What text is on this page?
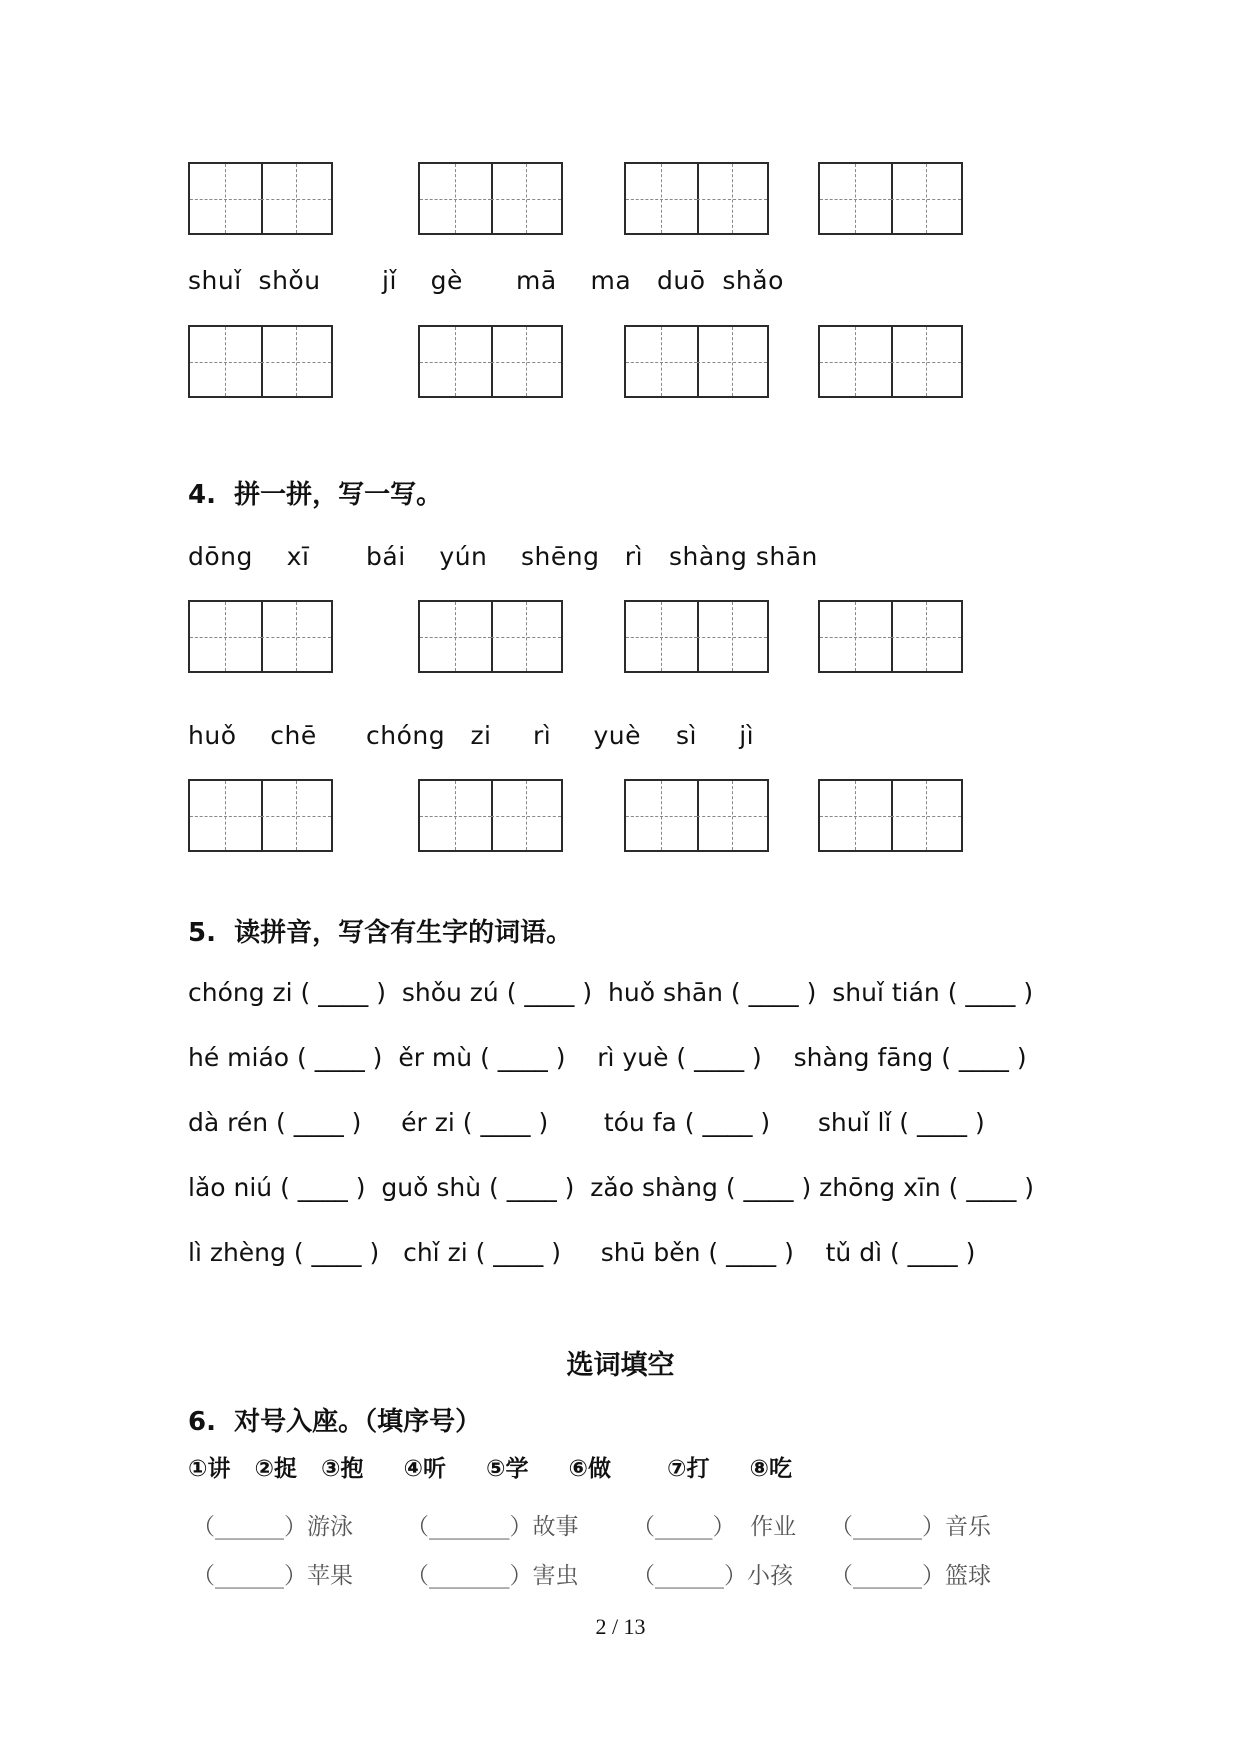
shuǐ  shǒu jǐ    gè mā    ma duō  shǎo
4.  拼一拼，写一写。
dōng    xī bái    yún shēng   rì shàng shān
huǒ    chē chóng   zi rì     yuè sì     jì
5.  读拼音，写含有生字的词语。
chóng zi ( ____ )  shǒu zú ( ____ )  huǒ shān ( ____ )  shuǐ tián ( ____ )
hé miáo ( ____ )  ěr mù ( ____ )    rì yuè ( ____ )    shàng fāng ( ____ )
dà rén ( ____ )     ér zi ( ____ )       tóu fa ( ____ )      shuǐ lǐ ( ____ )
lǎo niú ( ____ )  guǒ shù ( ____ )  zǎo shàng ( ____ ) zhōng xīn ( ____ )
lì zhèng ( ____ )   chǐ zi ( ____ )     shū běn ( ____ )    tǔ dì ( ____ )
选词填空
6.  对号入座。（填序号）
①讲   ②捉   ③抱     ④听     ⑤学     ⑥做       ⑦打     ⑧吃
（______）游泳 （_______）故事 （_____）  作业 （______）音乐
（______）苹果 （_______）害虫 （______）小孩 （______）篮球
2 / 13
